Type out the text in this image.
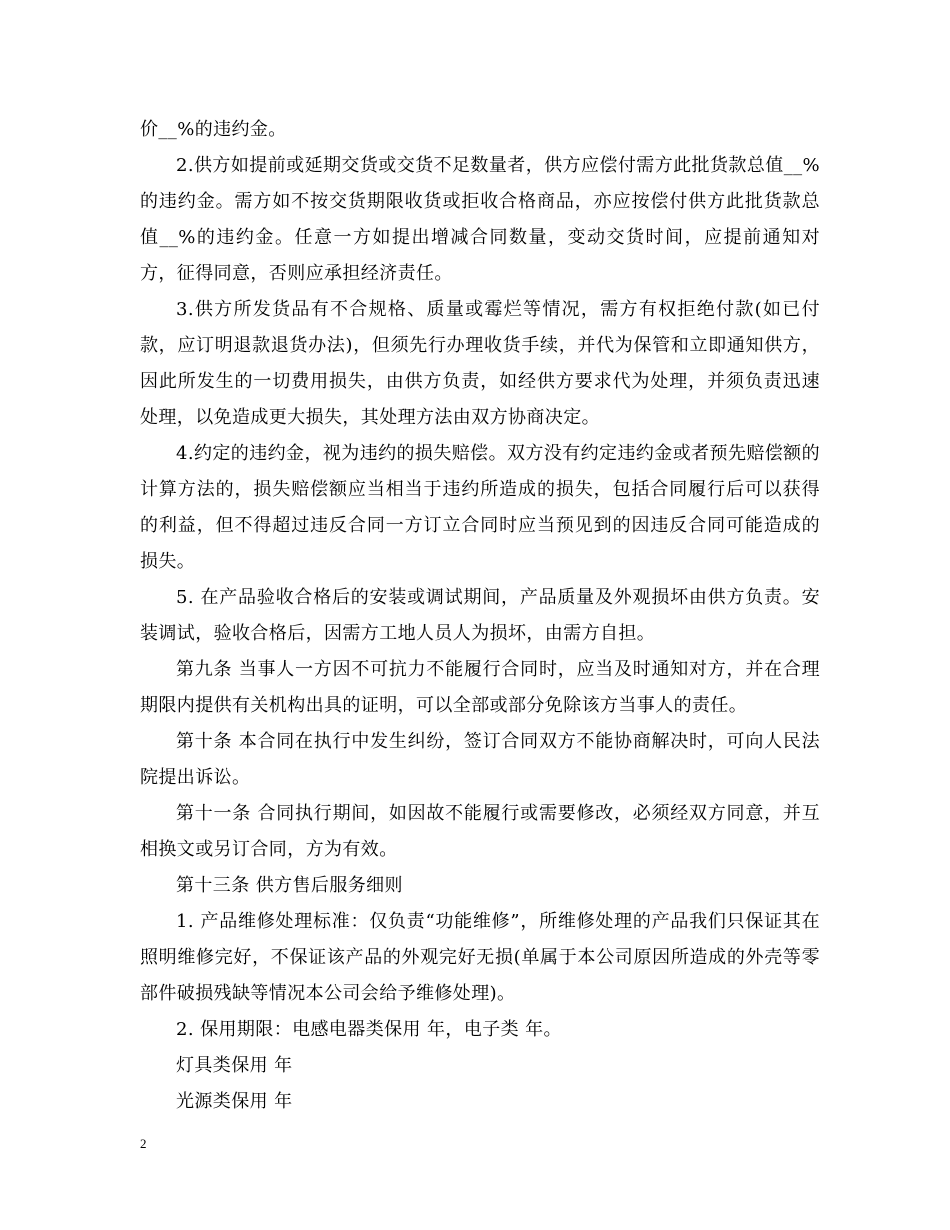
价__%的违约金。

2.供方如提前或延期交货或交货不足数量者，供方应偿付需方此批货款总值__%的违约金。需方如不按交货期限收货或拒收合格商品，亦应按偿付供方此批货款总值__%的违约金。任意一方如提出增减合同数量，变动交货时间，应提前通知对方，征得同意，否则应承担经济责任。

3.供方所发货品有不合规格、质量或霉烂等情况，需方有权拒绝付款(如已付款，应订明退款退货办法)，但须先行办理收货手续，并代为保管和立即通知供方，因此所发生的一切费用损失，由供方负责，如经供方要求代为处理，并须负责迅速处理，以免造成更大损失，其处理方法由双方协商决定。

4.约定的违约金，视为违约的损失赔偿。双方没有约定违约金或者预先赔偿额的计算方法的，损失赔偿额应当相当于违约所造成的损失，包括合同履行后可以获得的利益，但不得超过违反合同一方订立合同时应当预见到的因违反合同可能造成的损失。

5. 在产品验收合格后的安装或调试期间，产品质量及外观损坏由供方负责。安装调试，验收合格后，因需方工地人员人为损坏，由需方自担。

第九条 当事人一方因不可抗力不能履行合同时，应当及时通知对方，并在合理期限内提供有关机构出具的证明，可以全部或部分免除该方当事人的责任。

第十条 本合同在执行中发生纠纷，签订合同双方不能协商解决时，可向人民法院提出诉讼。

第十一条 合同执行期间，如因故不能履行或需要修改，必须经双方同意，并互相换文或另订合同，方为有效。

第十三条 供方售后服务细则

1. 产品维修处理标准：仅负责“功能维修”，所维修处理的产品我们只保证其在照明维修完好，不保证该产品的外观完好无损(单属于本公司原因所造成的外壳等零部件破损残缺等情况本公司会给予维修处理)。

2. 保用期限：电感电器类保用 年，电子类 年。

灯具类保用 年

光源类保用 年

2
